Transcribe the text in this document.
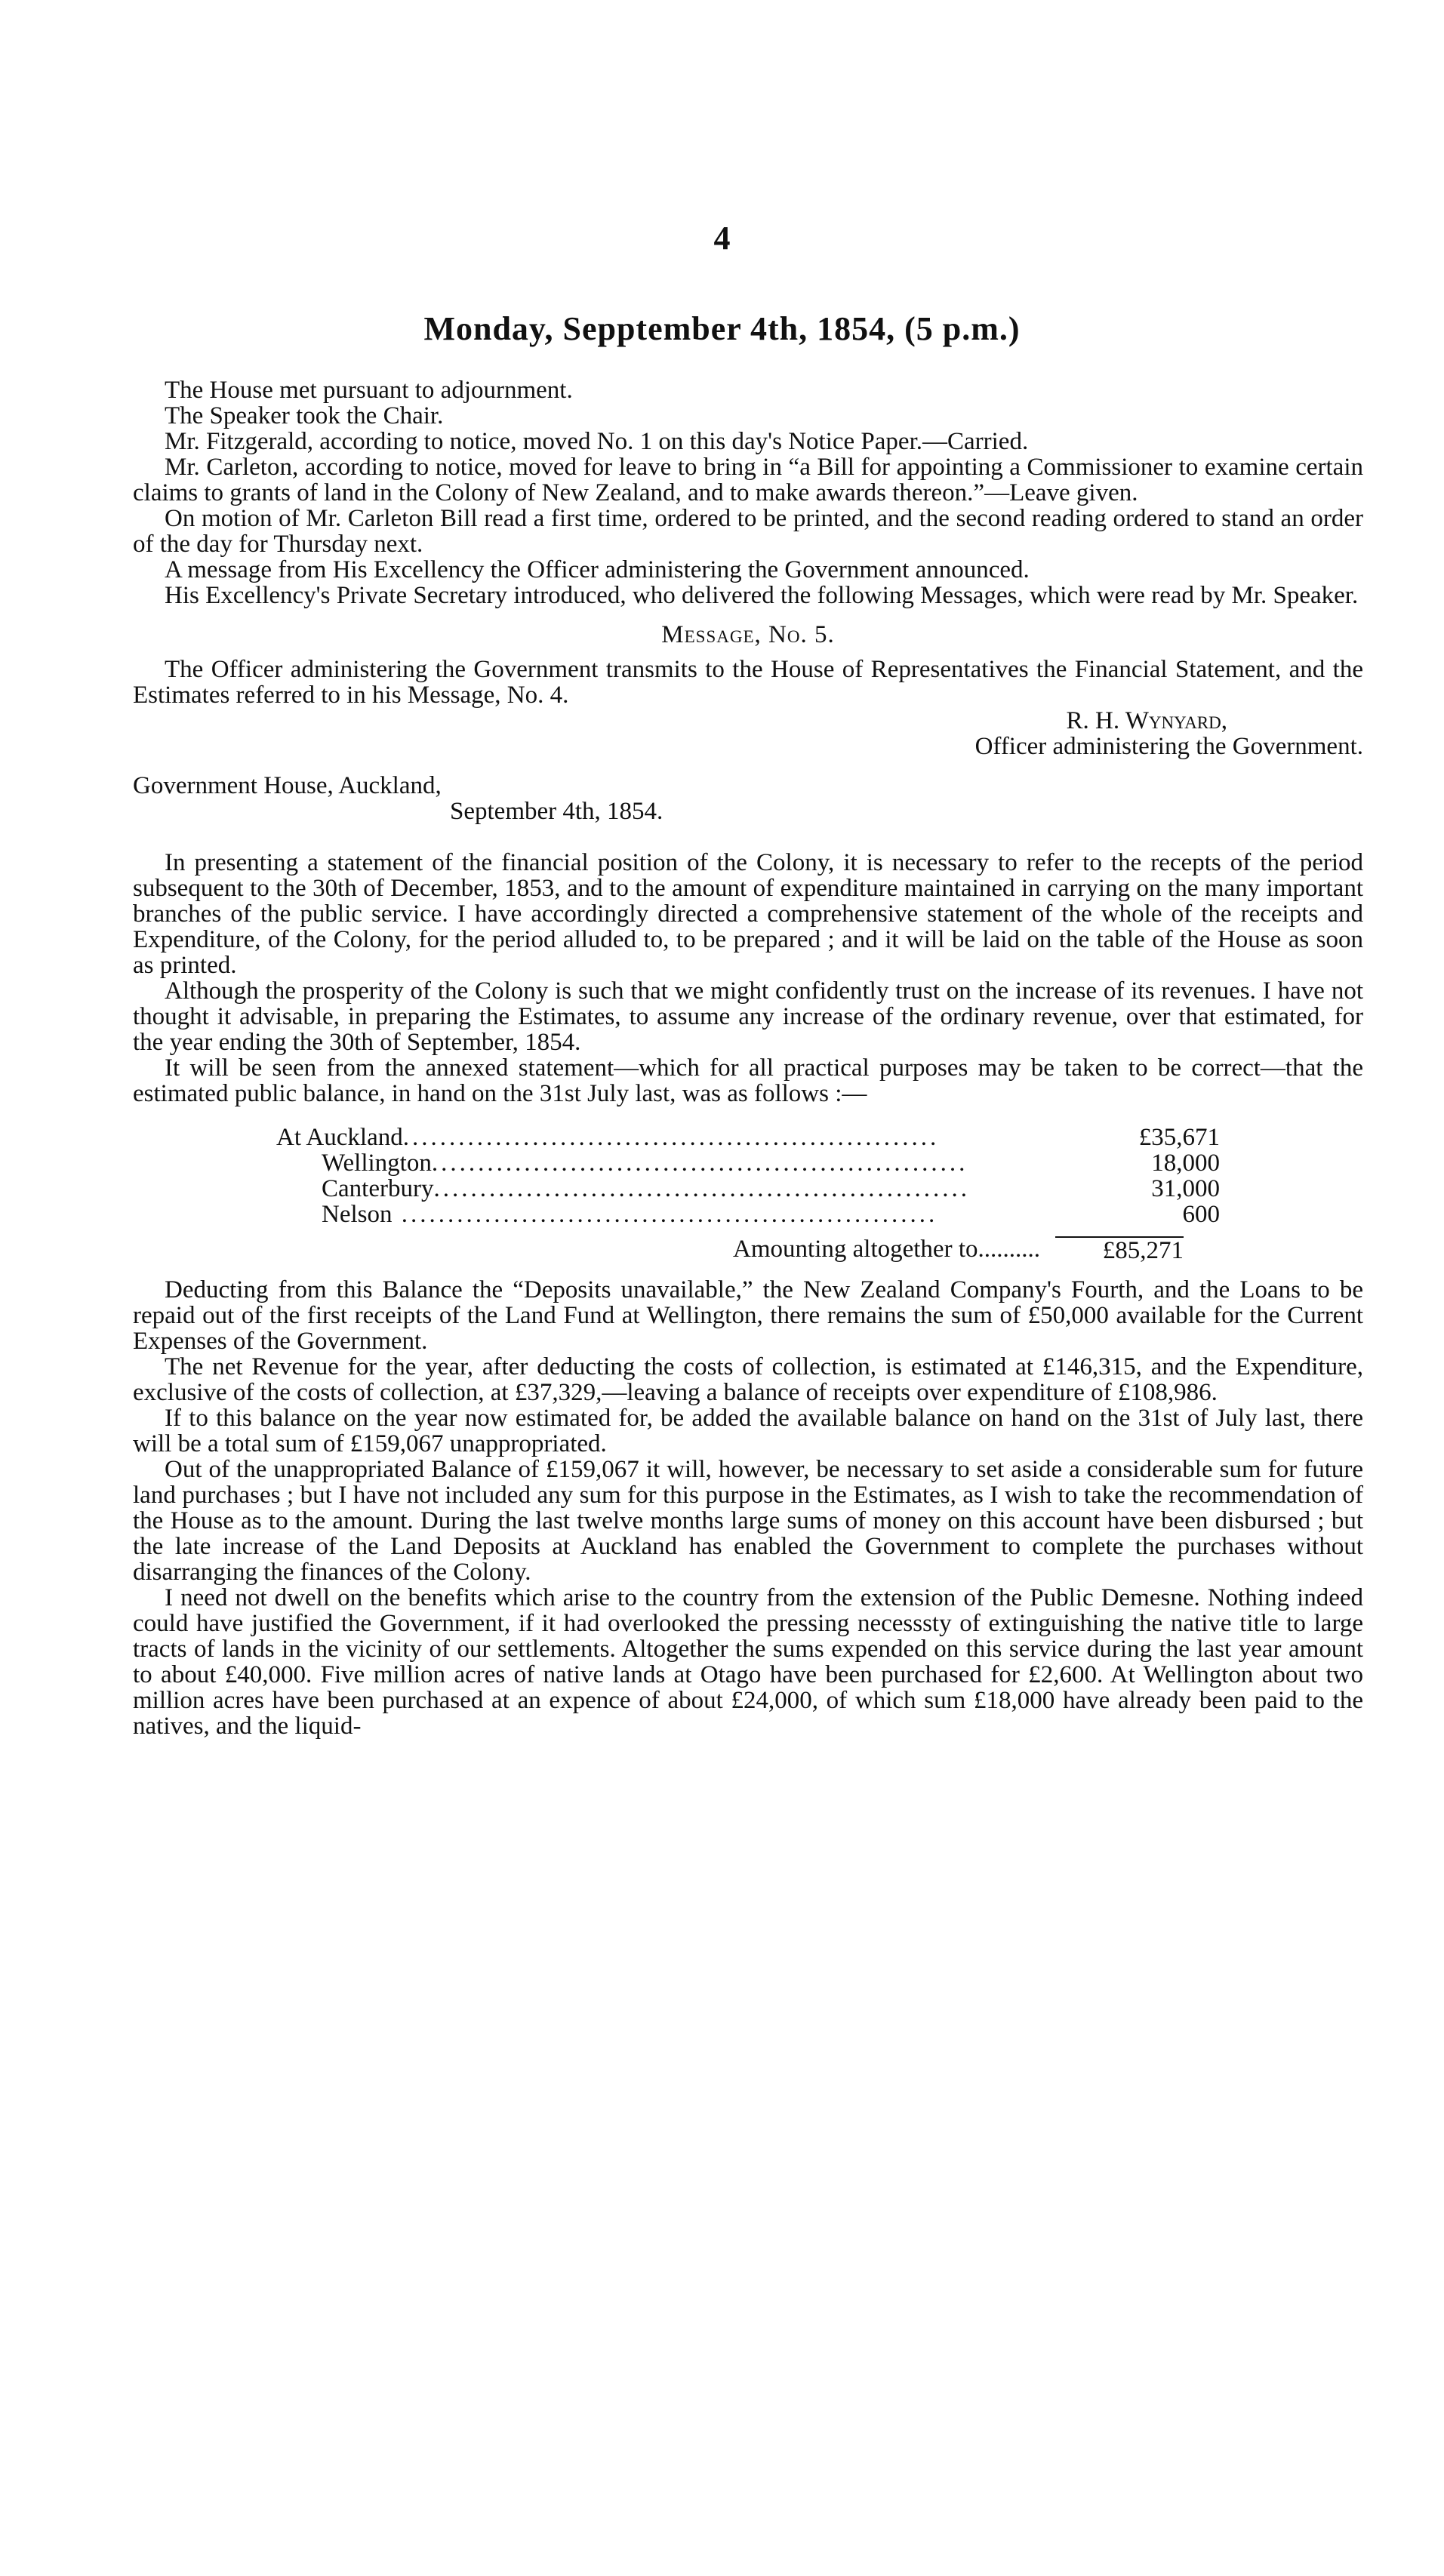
4
Monday, Sepptember 4th, 1854, (5 p.m.)

The House met pursuant to adjournment.

The Speaker took the Chair.

Mr. Fitzgerald, according to notice, moved No. 1 on this day's Notice Paper.—Carried.

Mr. Carleton, according to notice, moved for leave to bring in “a Bill for appointing a Commissioner to examine certain claims to grants of land in the Colony of New Zealand, and to make awards thereon.”—Leave given.

On motion of Mr. Carleton Bill read a first time, ordered to be printed, and the second reading ordered to stand an order of the day for Thursday next.

A message from His Excellency the Officer administering the Government announced.

His Excellency's Private Secretary introduced, who delivered the following Messages, which were read by Mr. Speaker.

Message, No. 5.

The Officer administering the Government transmits to the House of Representatives the Financial Statement, and the Estimates referred to in his Message, No. 4.

R. H. Wynyard,

Officer administering the Government.

Government House, Auckland,

September 4th, 1854.

In presenting a statement of the financial position of the Colony, it is necessary to refer to the recepts of the period subsequent to the 30th of December, 1853, and to the amount of expenditure maintained in carrying on the many important branches of the public service. I have accordingly directed a comprehensive statement of the whole of the receipts and Expenditure, of the Colony, for the period alluded to, to be prepared ; and it will be laid on the table of the House as soon as printed.

Although the prosperity of the Colony is such that we might confidently trust on the increase of its revenues. I have not thought it advisable, in preparing the Estimates, to assume any increase of the ordinary revenue, over that estimated, for the year ending the 30th of September, 1854.

It will be seen from the annexed statement—which for all practical purposes may be taken to be correct—that the estimated public balance, in hand on the 31st July last, was as follows :—

At Auckland..........................................................	£35,671
Wellington..........................................................	18,000
Canterbury..........................................................	31,000
Nelson ..........................................................	600
Amounting altogether to..........	£85,271

Deducting from this Balance the “Deposits unavailable,” the New Zealand Company's Fourth, and the Loans to be repaid out of the first receipts of the Land Fund at Wellington, there remains the sum of £50,000 available for the Current Expenses of the Government.

The net Revenue for the year, after deducting the costs of collection, is estimated at £146,315, and the Expenditure, exclusive of the costs of collection, at £37,329,—leaving a balance of receipts over expenditure of £108,986.

If to this balance on the year now estimated for, be added the available balance on hand on the 31st of July last, there will be a total sum of £159,067 unappropriated.

Out of the unappropriated Balance of £159,067 it will, however, be necessary to set aside a considerable sum for future land purchases ; but I have not included any sum for this purpose in the Estimates, as I wish to take the recommendation of the House as to the amount. During the last twelve months large sums of money on this account have been disbursed ; but the late increase of the Land Deposits at Auckland has enabled the Government to complete the purchases without disarranging the finances of the Colony.

I need not dwell on the benefits which arise to the country from the extension of the Public Demesne. Nothing indeed could have justified the Government, if it had overlooked the pressing necesssty of extinguishing the native title to large tracts of lands in the vicinity of our settlements. Altogether the sums expended on this service during the last year amount to about £40,000. Five million acres of native lands at Otago have been purchased for £2,600. At Wellington about two million acres have been purchased at an expence of about £24,000, of which sum £18,000 have already been paid to the natives, and the liquid-
